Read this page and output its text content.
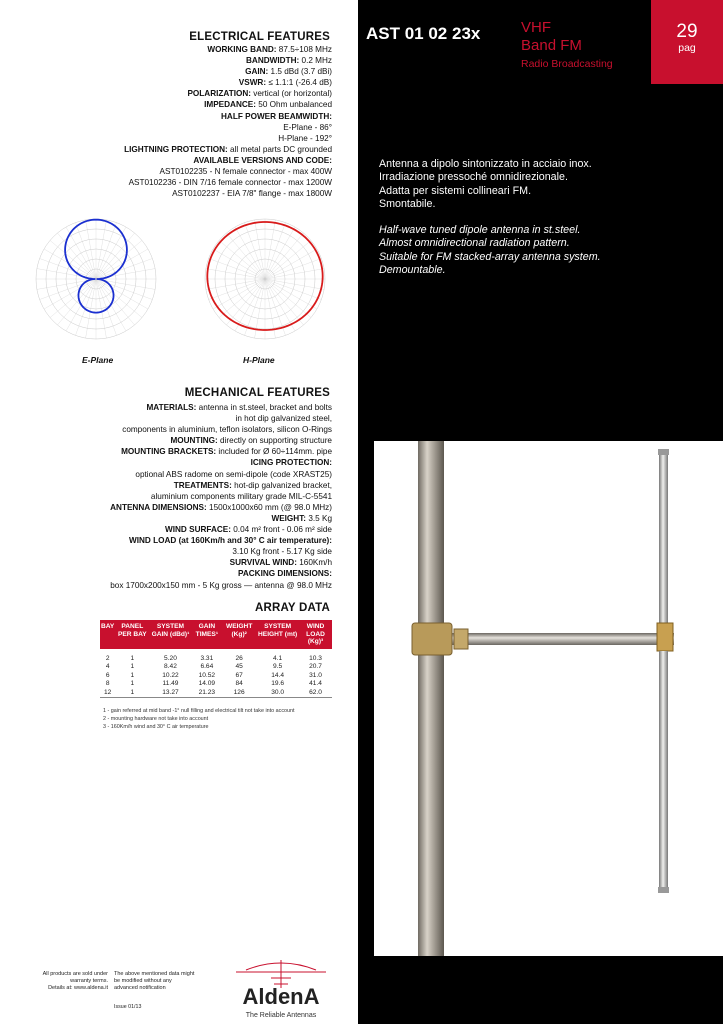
ELECTRICAL FEATURES
WORKING BAND: 87.5÷108 MHz
BANDWIDTH: 0.2 MHz
GAIN: 1.5 dBd (3.7 dBi)
VSWR: ≤ 1.1:1 (-26.4 dB)
POLARIZATION: vertical (or horizontal)
IMPEDANCE: 50 Ohm unbalanced
HALF POWER BEAMWIDTH:
E-Plane - 86°
H-Plane - 192°
LIGHTNING PROTECTION: all metal parts DC grounded
AVAILABLE VERSIONS AND CODE:
AST0102235 - N female connector - max 400W
AST0102236 - DIN 7/16 female connector - max 1200W
AST0102237 - EIA 7/8" flange - max 1800W
E-Plane	H-Plane
MECHANICAL FEATURES
MATERIALS: antenna in st.steel, bracket and bolts
in hot dip galvanized steel,
components in aluminium, teflon isolators, silicon O-Rings
MOUNTING: directly on supporting structure
MOUNTING BRACKETS: included for Ø 60÷114mm. pipe
ICING PROTECTION:
optional ABS radome on semi-dipole (code XRAST25)
TREATMENTS: hot-dip galvanized bracket,
aluminium components military grade MIL-C-5541
ANTENNA DIMENSIONS: 1500x1000x60 mm (@ 98.0 MHz)
WEIGHT: 3.5 Kg
WIND SURFACE: 0.04 m² front - 0.06 m² side
WIND LOAD (at 160Km/h and 30° C air temperature):
3.10 Kg front - 5.17 Kg side
SURVIVAL WIND: 160Km/h
PACKING DIMENSIONS:
box 1700x200x150 mm - 5 Kg gross — antenna @ 98.0 MHz
ARRAY DATA
BAY	PANEL PER BAY	SYSTEM GAIN (dBd)¹	GAIN TIMES¹	WEIGHT (Kg)²	SYSTEM HEIGHT (mt)	WIND LOAD (Kg)³
2	1	5.20	3.31	26	4.1	10.3
4	1	8.42	6.64	45	9.5	20.7
6	1	10.22	10.52	67	14.4	31.0
8	1	11.49	14.09	84	19.6	41.4
12	1	13.27	21.23	126	30.0	62.0
1 - gain referred at mid band -1° null filling and electrical tilt not take into account
2 - mounting hardware not take into account
3 - 160Km/h wind and 30° C air temperature
All products are sold under
warranty terms.
Details at: www.aldena.it
The above mentioned data might
be modified without any
advanced notification
Issue 01/13	AldenA
The Reliable Antennas
AST 01 02 23x	VHF
Band FM
Radio Broadcasting
29
pag
Antenna a dipolo sintonizzato in acciaio inox.
Irradiazione pressoché omnidirezionale.
Adatta per sistemi collineari FM.
Smontabile.
Half-wave tuned dipole antenna in st.steel.
Almost omnidirectional radiation pattern.
Suitable for FM stacked-array antenna system.
Demountable.
